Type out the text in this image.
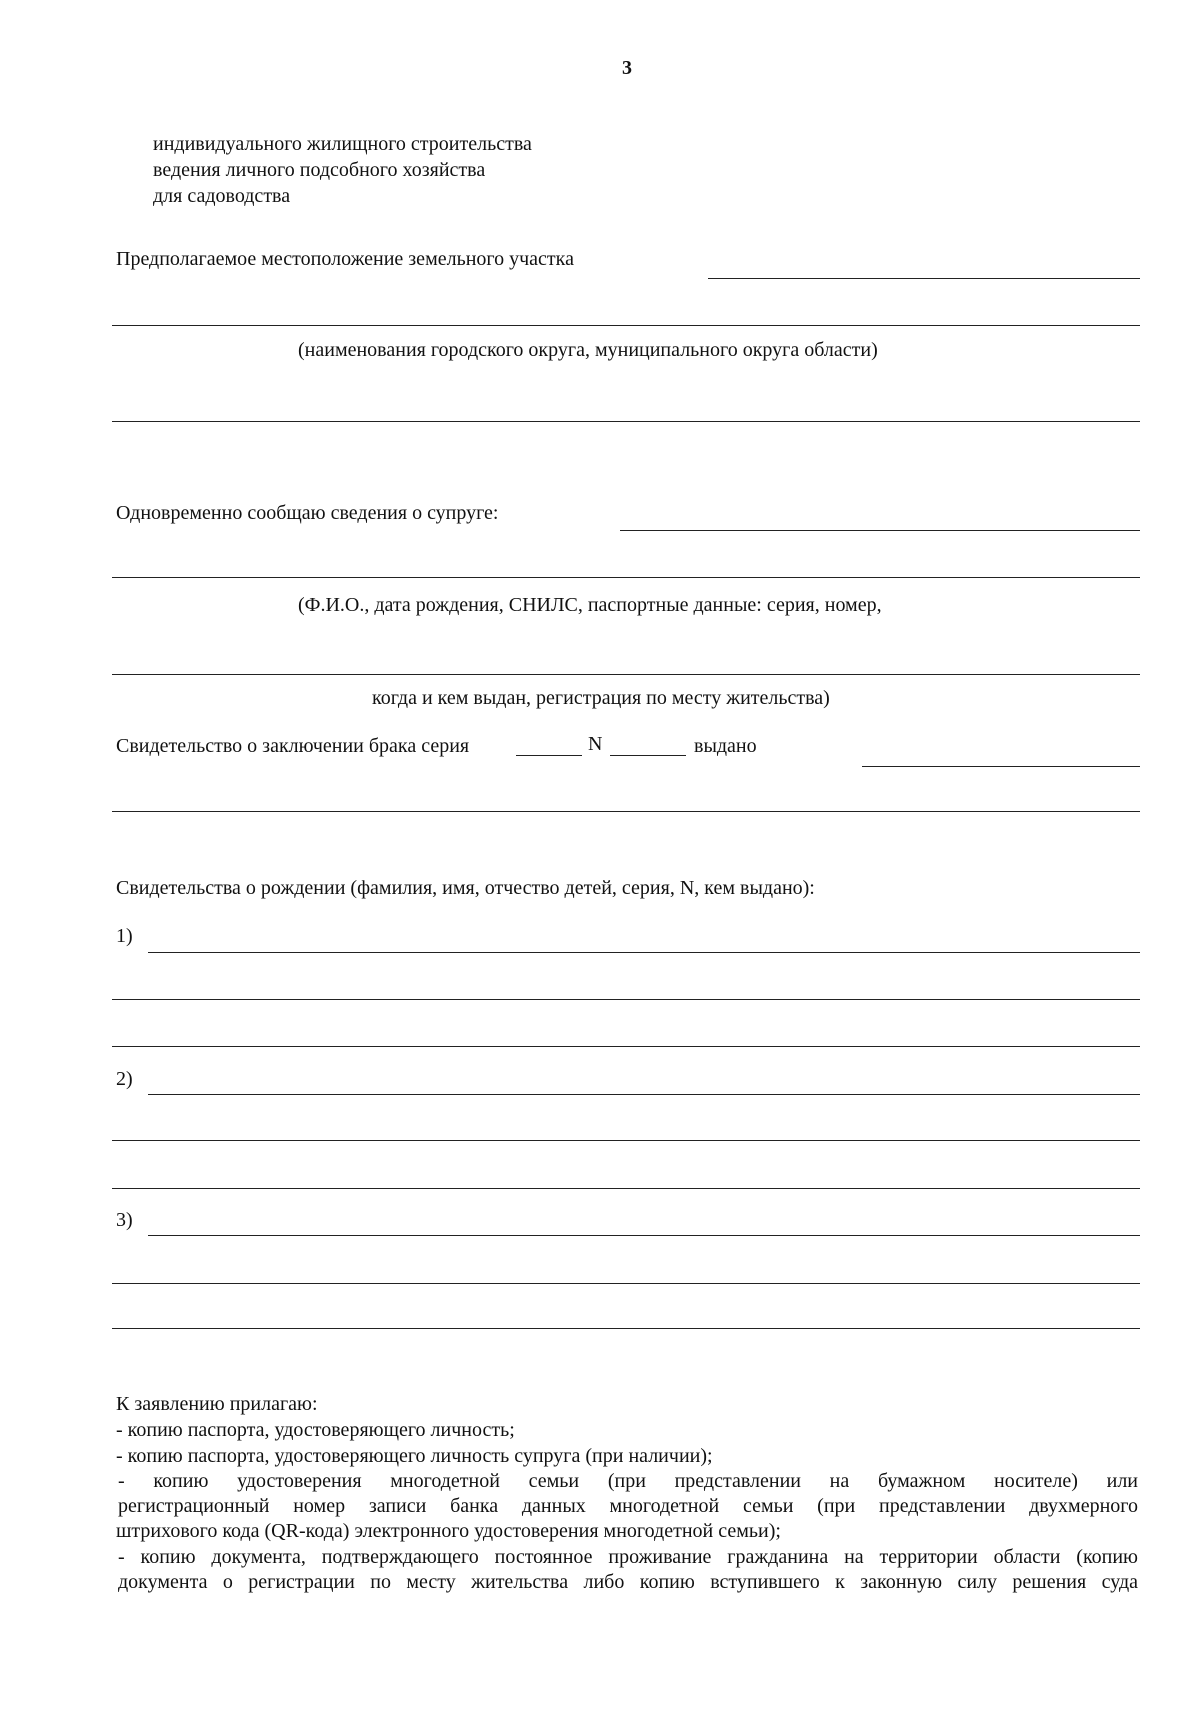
3
индивидуального жилищного строительства
ведения личного подсобного хозяйства
для садоводства
Предполагаемое местоположение земельного участка
(наименования городского округа, муниципального округа области)
Одновременно сообщаю сведения о супруге:
(Ф.И.О., дата рождения, СНИЛС, паспортные данные: серия, номер,
когда и кем выдан, регистрация по месту жительства)
Свидетельство о заключении брака серия	N	выдано
Свидетельства о рождении (фамилия, имя, отчество детей, серия, N, кем выдано):
1)
2)
3)
К заявлению прилагаю:
- копию паспорта, удостоверяющего личность;
- копию паспорта, удостоверяющего личность супруга (при наличии);
- копию удостоверения многодетной семьи (при представлении на бумажном носителе) или
регистрационный номер записи банка данных многодетной семьи (при представлении двухмерного
штрихового кода (QR-кода) электронного удостоверения многодетной семьи);
- копию документа, подтверждающего постоянное проживание гражданина на территории области (копию
документа о регистрации по месту жительства либо копию вступившего к законную силу решения суда
